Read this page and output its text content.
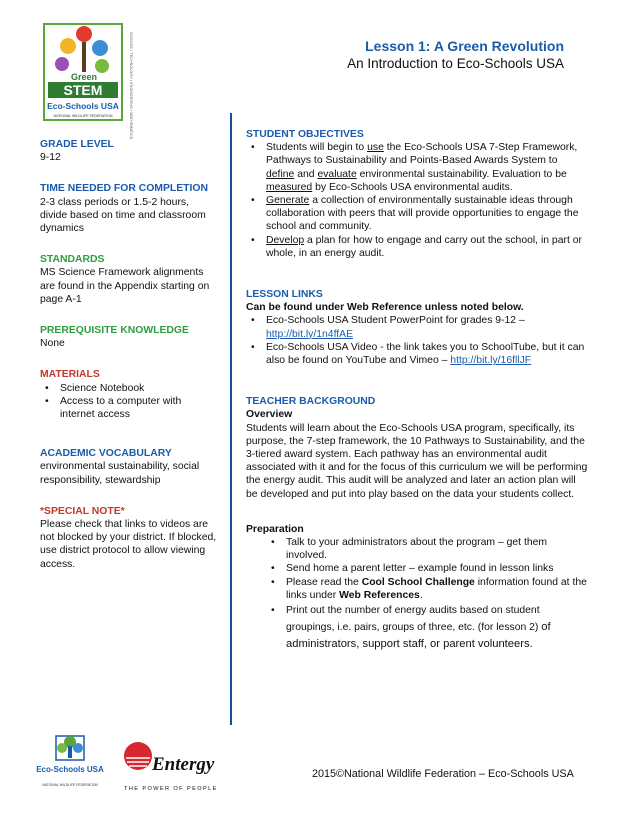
Green
STEM
Eco-Schools USA
NATIONAL WILDLIFE FEDERATION	SCIENCE • TECHNOLOGY • ENGINEERING • MATHEMATICS	Lesson 1: A Green Revolution

An Introduction to Eco-Schools USA

GRADE LEVEL

9-12

TIME NEEDED FOR COMPLETION

2-3 class periods or 1.5-2 hours, divide based on time and classroom dynamics

STANDARDS

MS Science Framework alignments are found in the Appendix starting on page A-1

PREREQUISITE KNOWLEDGE

None

MATERIALS

• Science Notebook
• Access to a computer with internet access

ACADEMIC VOCABULARY

environmental sustainability, social responsibility, stewardship

*SPECIAL NOTE*

Please check that links to videos are not blocked by your district. If blocked, use district protocol to allow viewing access.

STUDENT OBJECTIVES

• Students will begin to use the Eco-Schools USA 7-Step Framework, Pathways to Sustainability and Points-Based Awards System to define and evaluate environmental sustainability. Evaluation to be measured by Eco-Schools USA environmental audits.
• Generate a collection of environmentally sustainable ideas through collaboration with peers that will provide opportunities to engage the school and community.
• Develop a plan for how to engage and carry out the school, in part or whole, in an energy audit.

LESSON LINKS

Can be found under Web Reference unless noted below.

• Eco-Schools USA Student PowerPoint for grades 9-12 – http://bit.ly/1n4ffAE
• Eco-Schools USA Video - the link takes you to SchoolTube, but it can also be found on YouTube and Vimeo – http://bit.ly/16fllJF

TEACHER BACKGROUND

Overview

Students will learn about the Eco-Schools USA program, specifically, its purpose, the 7-step framework, the 10 Pathways to Sustainability, and the 3-tiered award system. Each pathway has an environmental audit associated with it and for the focus of this curriculum we will be performing the energy audit. This audit will be analyzed and later an action plan will be developed and put into play based on the data your students collect.

Preparation

• Talk to your administrators about the program – get them involved.
• Send home a parent letter – example found in lesson links
• Please read the Cool School Challenge information found at the links under Web References.
• Print out the number of energy audits based on student groupings, i.e. pairs, groups of three, etc. (for lesson 2) of administrators, support staff, or parent volunteers.
Eco-Schools USA
NATIONAL WILDLIFE FEDERATION
Entergy
THE POWER OF PEOPLE
2015©National Wildlife Federation – Eco-Schools USA
